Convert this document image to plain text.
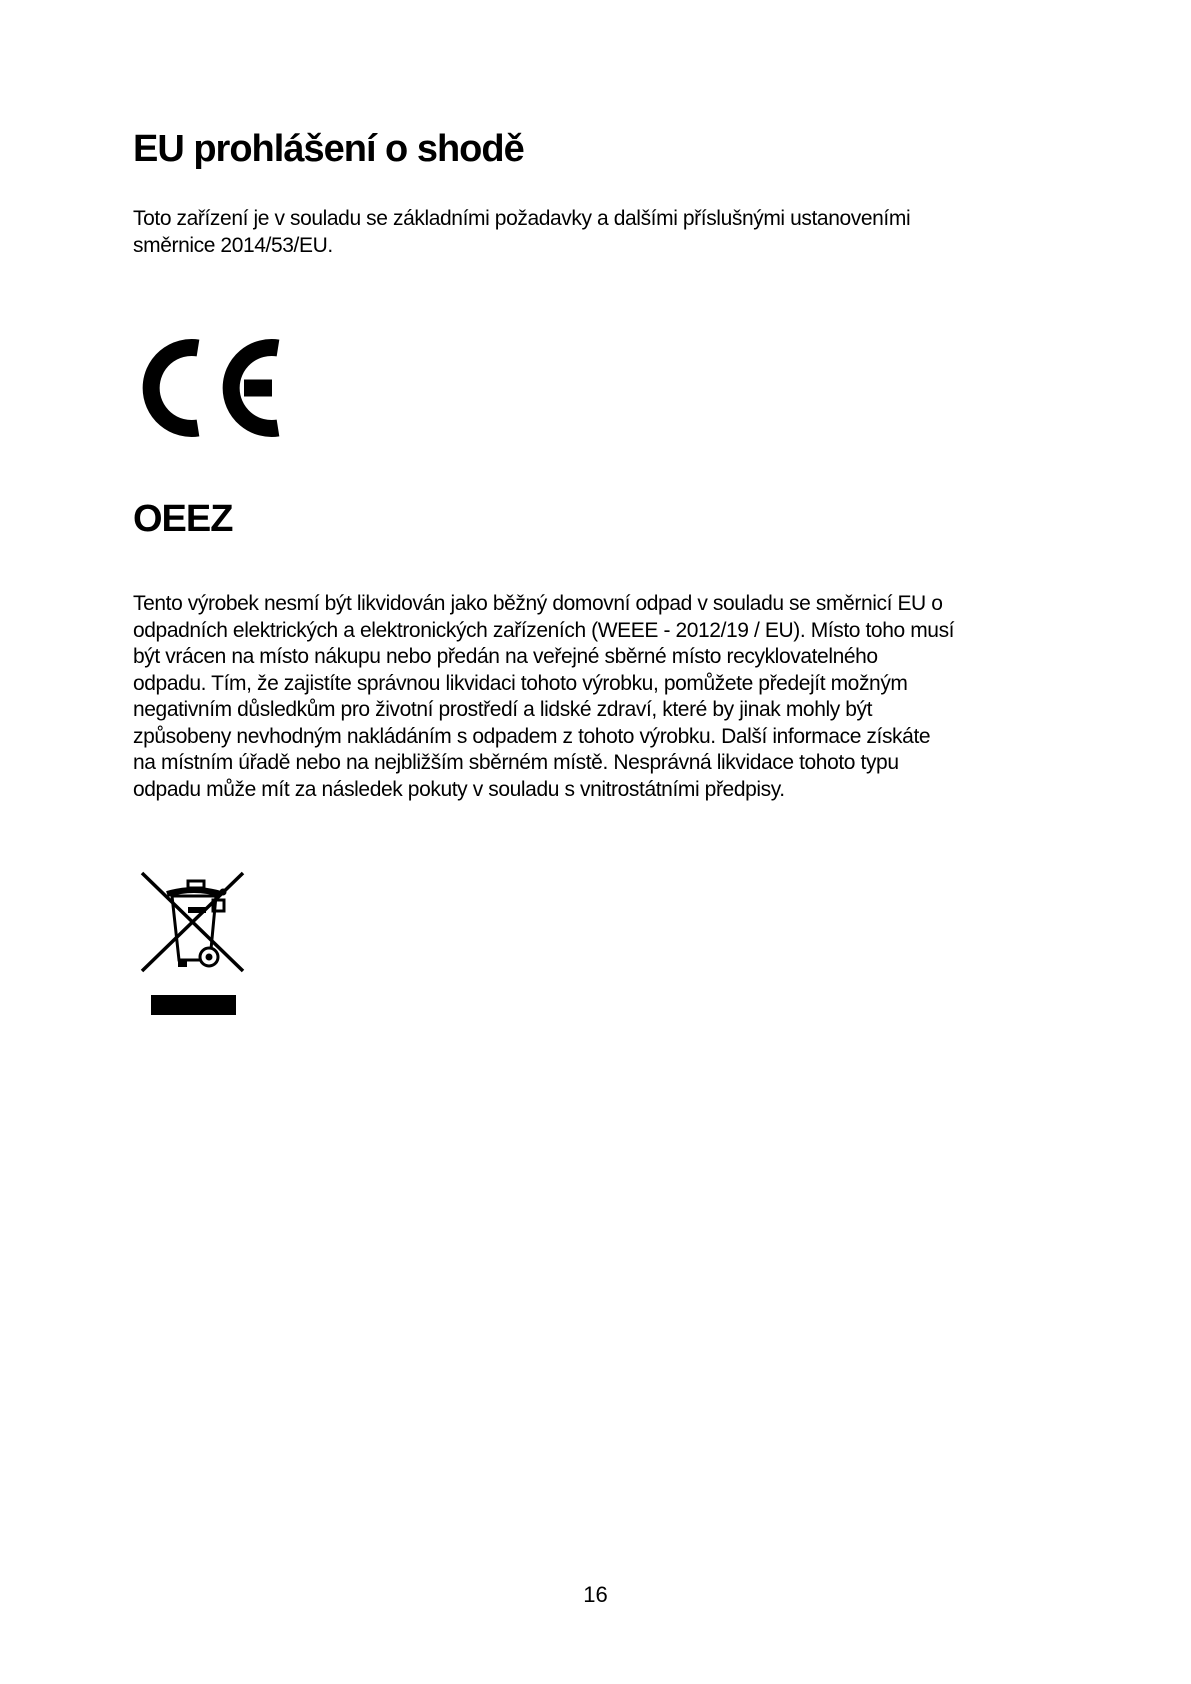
EU prohlášení o shodě
Toto zařízení je v souladu se základními požadavky a dalšími příslušnými ustanoveními
směrnice 2014/53/EU.
OEEZ
Tento výrobek nesmí být likvidován jako běžný domovní odpad v souladu se směrnicí EU o
odpadních elektrických a elektronických zařízeních (WEEE - 2012/19 / EU). Místo toho musí
být vrácen na místo nákupu nebo předán na veřejné sběrné místo recyklovatelného
odpadu. Tím, že zajistíte správnou likvidaci tohoto výrobku, pomůžete předejít možným
negativním důsledkům pro životní prostředí a lidské zdraví, které by jinak mohly být
způsobeny nevhodným nakládáním s odpadem z tohoto výrobku. Další informace získáte
na místním úřadě nebo na nejbližším sběrném místě. Nesprávná likvidace tohoto typu
odpadu může mít za následek pokuty v souladu s vnitrostátními předpisy.
16
